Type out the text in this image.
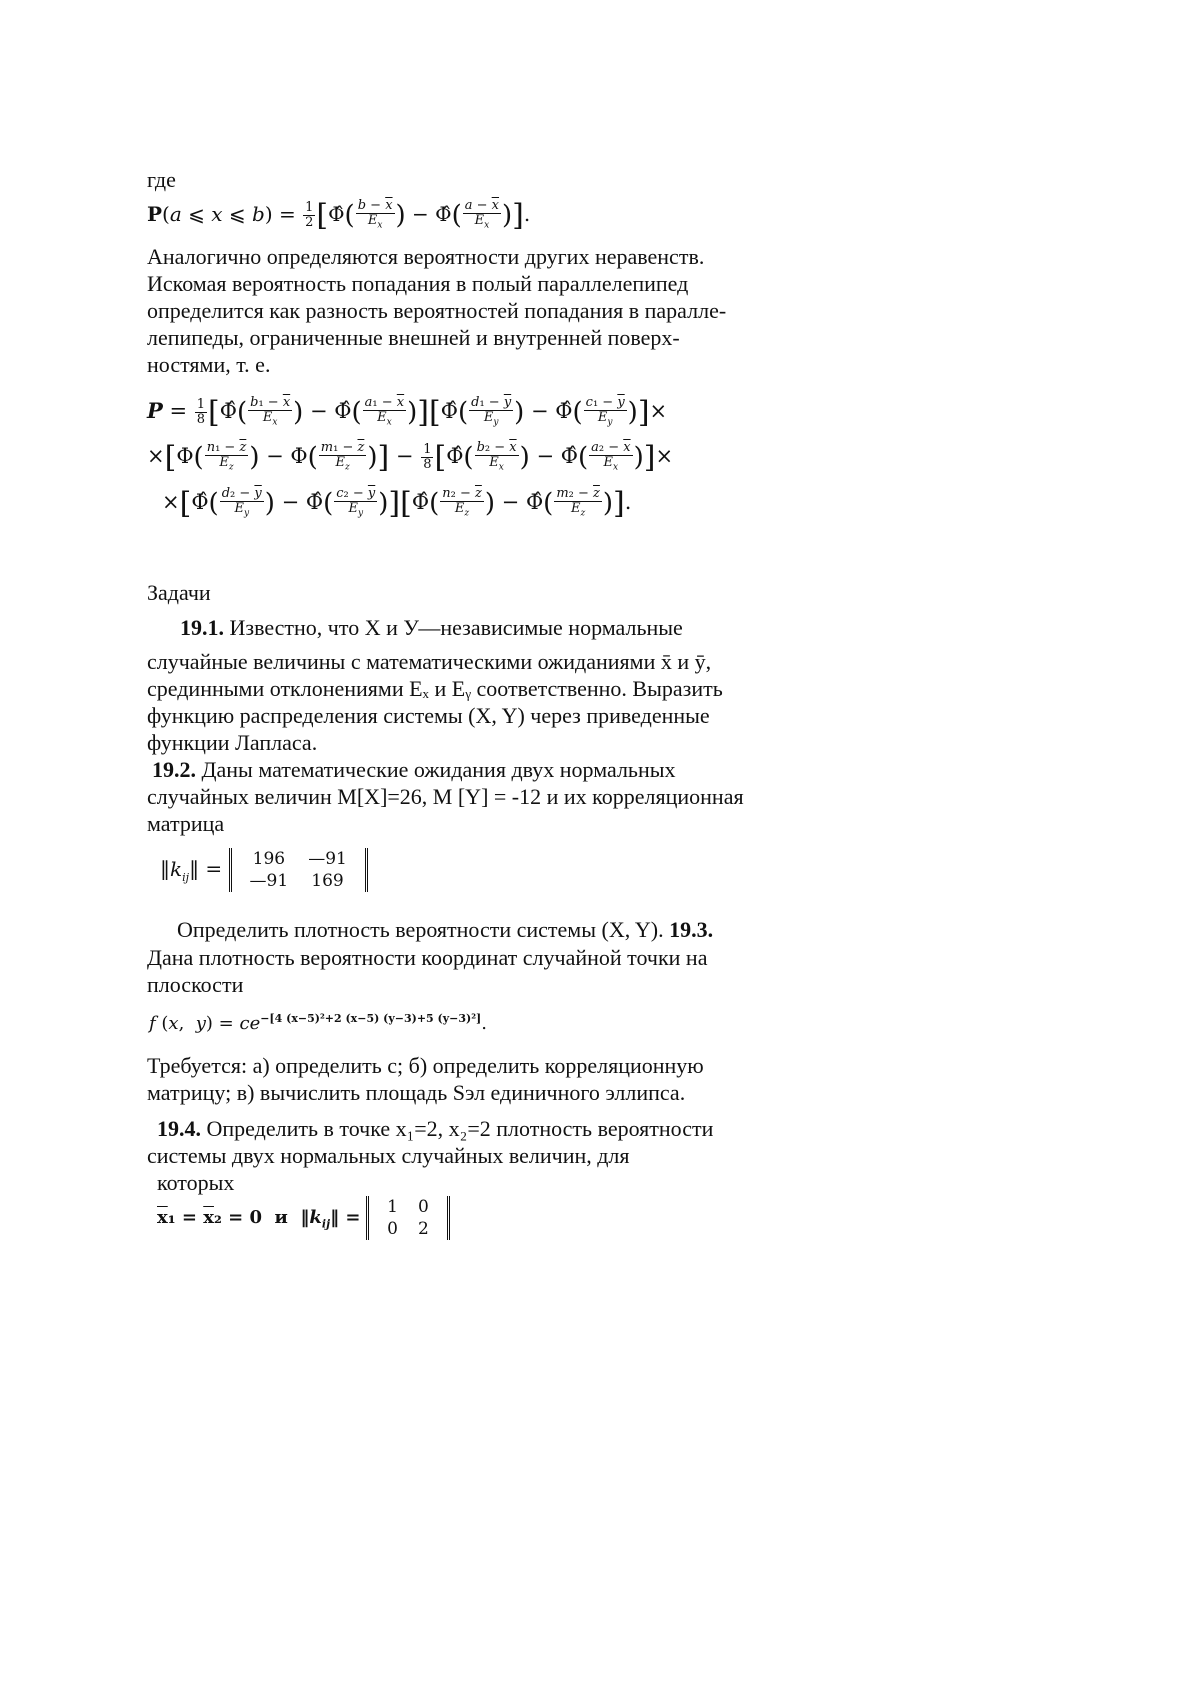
где
P(a ⩽ x ⩽ $b) = \frac{1}{2}$ [Φ̂( $\frac{b - \overline{x}}{E_x}$ ) − Φ̂( $\frac{a - \overline{x}}{E_x}$ )].
Аналогично определяются вероятности других неравенств.
Искомая вероятность попадания в полый параллелепипед
определится как разность вероятностей попадания в паралле-
лепипеды, ограниченные внешней и внутренней поверх-
ностями, т. е.
$P = \frac{1}{8}$ [Φ̂( $\frac{b_1 - \overline{x}}{E_x}$ ) − Φ̂( $\frac{a_1 - \overline{x}}{E_x}$ )][Φ̂( $\frac{d_1 - \overline{y}}{E_y}$ ) − Φ̂( $\frac{c_1 - \overline{y}}{E_y}$ )]×
$\times[\Phi( \frac{n_1 - \overline{z}}{E_z}$ ) − $\Phi( \frac{m_1 - \overline{z}}{E_z}$ )] − $\frac{1}{8}$ [Φ̂( $\frac{b_2 - \overline{x}}{E_x}$ ) − Φ̂( $\frac{a_2 - \overline{x}}{E_x}$ )]×
×[Φ̂( $\frac{d_2 - \overline{y}}{E_y}$ ) − Φ̂( $\frac{c_2 - \overline{y}}{E_y}$ )][Φ̂( $\frac{n_2 - \overline{z}}{E_z}$ ) − Φ̂( $\frac{m_2 - \overline{z}}{E_z}$ )].
Задачи
19.1. Известно, что X и У—независимые нормальные
случайные величины с математическими ожиданиями x̄ и ȳ,
срединными отклонениями Eₓ и Eᵧ соответственно. Выразить
функцию распределения системы (X, Y) через приведенные
функции Лапласа.
19.2. Даны математические ожидания двух нормальных
случайных величин M[X]=26, M [Y] = -12 и их корреляционная
матрица
$‖k_{ij}‖ = 196$	—91
—91	169
Определить плотность вероятности системы (X, Y). 19.3.
Дана плотность вероятности координат случайной точки на
плоскости
f (x,  $y) = ce^{-[4 (x-5)^2+2 (x-5) (y-3)+5 (y-3)^2]}$.
Требуется: а) определить c; б) определить корреляционную
матрицу; в) вычислить площадь Sэл единичного эллипса.
19.4. Определить в точке x₁=2, x₂=2 плотность вероятности
системы двух нормальных случайных величин, для
которых
$\overline{x}_1 = \overline{x}_2 = 0$  и  $‖k_{ij}‖ = 1$	0
0	2
